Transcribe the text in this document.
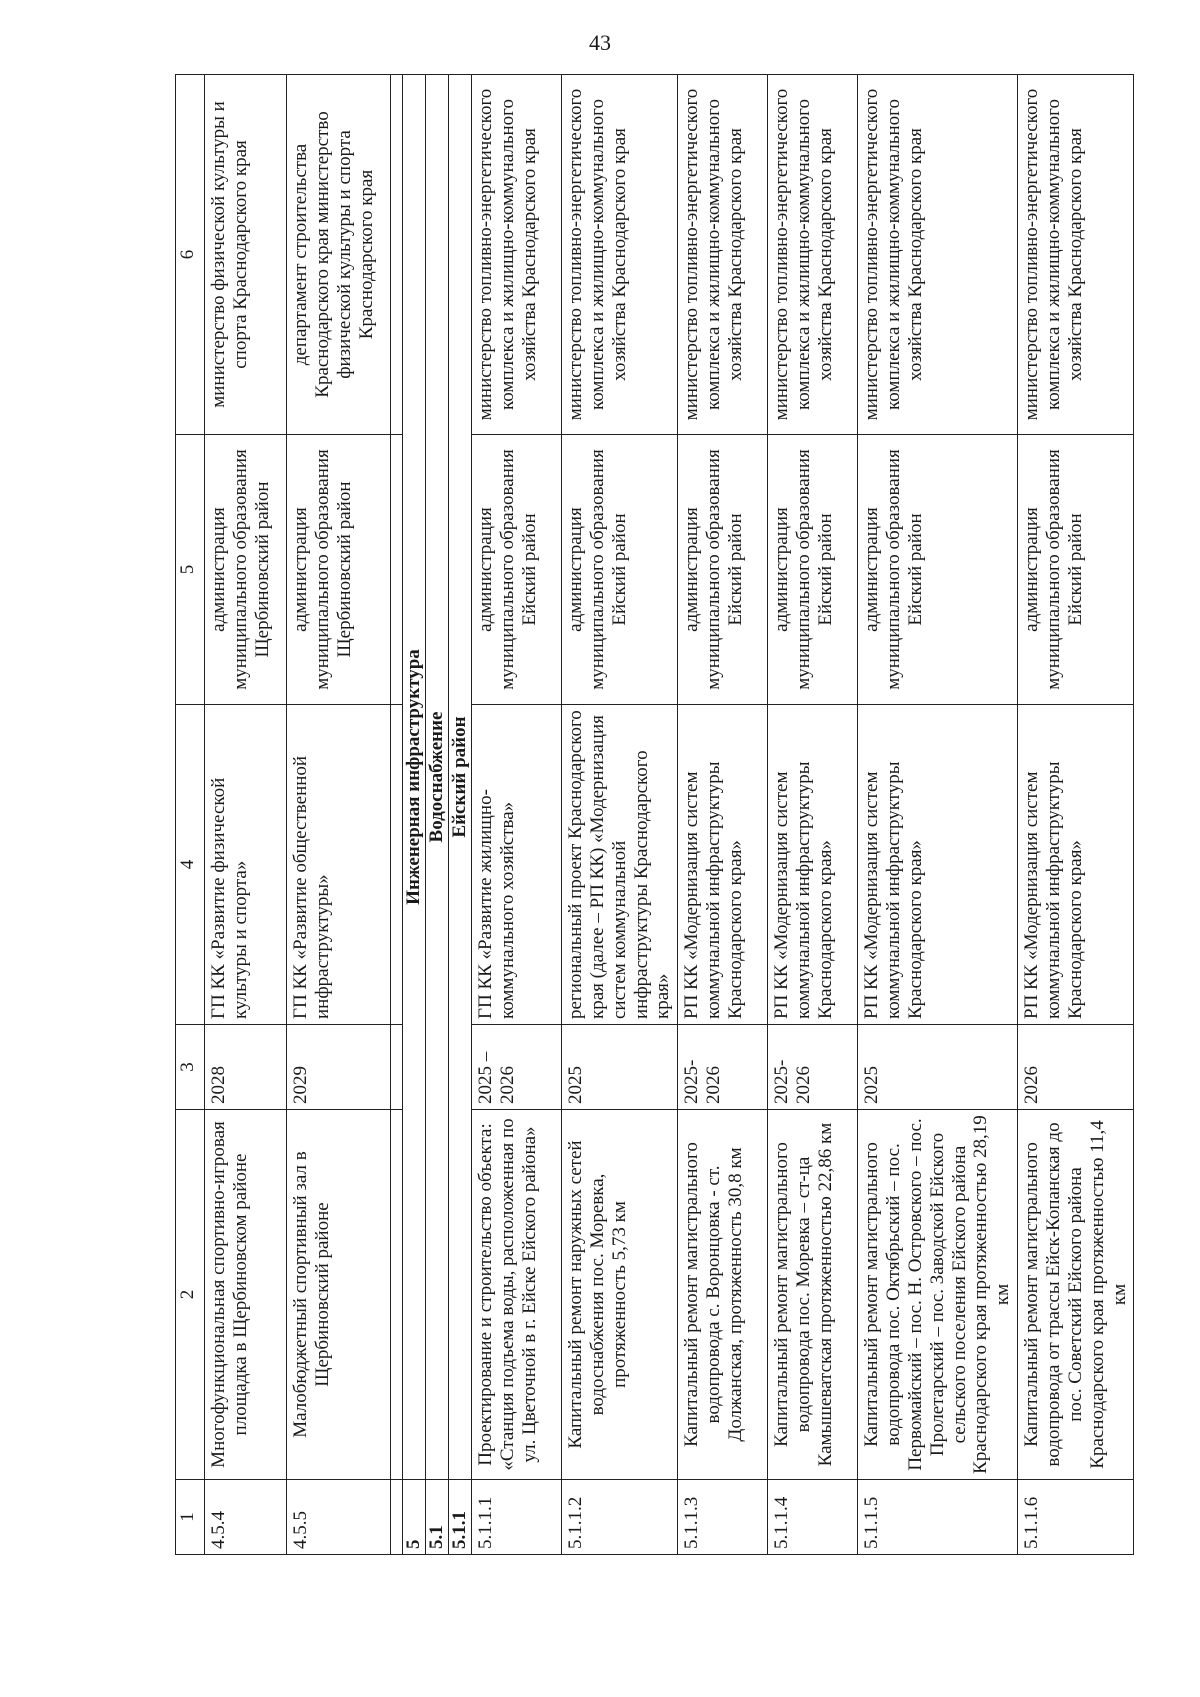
43
1	2	3	4	5	6
4.5.4	Многофункциональная спортивно-игровая площадка в Щербиновском районе	2028	ГП КК «Развитие физической культуры и спорта»	администрация муниципального образования Щербиновский район	министерство физической культуры и спорта Краснодарского края
4.5.5	Малобюджетный спортивный зал в Щербиновский районе	2029	ГП КК «Развитие общественной инфраструктуры»	администрация муниципального образования Щербиновский район	департамент строительства Краснодарского края министерство физической культуры и спорта Краснодарского края

5	Инженерная инфраструктура				
5.1	Водоснабжение				
5.1.1	Ейский район				
5.1.1.1	Проектирование и строительство объекта: «Станция подъема воды, расположенная по ул. Цветочной в г. Ейске Ейского района»	2025 – 2026	ГП КК «Развитие жилищно-коммунального хозяйства»	администрация муниципального образования Ейский район	министерство топливно-энергетического комплекса и жилищно-коммунального хозяйства Краснодарского края
5.1.1.2	Капитальный ремонт наружных сетей водоснабжения пос. Моревка, протяженность 5,73 км	2025	региональный проект Краснодарского края (далее – РП КК) «Модернизация систем коммунальной инфраструктуры Краснодарского края»	администрация муниципального образования Ейский район	министерство топливно-энергетического комплекса и жилищно-коммунального хозяйства Краснодарского края
5.1.1.3	Капитальный ремонт магистрального водопровода с. Воронцовка - ст. Должанская, протяженность 30,8 км	2025-2026	РП КК «Модернизация систем коммунальной инфраструктуры Краснодарского края»	администрация муниципального образования Ейский район	министерство топливно-энергетического комплекса и жилищно-коммунального хозяйства Краснодарского края
5.1.1.4	Капитальный ремонт магистрального водопровода пос. Моревка – ст-ца Камышеватская протяженностью 22,86 км	2025-2026	РП КК «Модернизация систем коммунальной инфраструктуры Краснодарского края»	администрация муниципального образования Ейский район	министерство топливно-энергетического комплекса и жилищно-коммунального хозяйства Краснодарского края
5.1.1.5	Капитальный ремонт магистрального водопровода пос. Октябрьский – пос. Первомайский – пос. Н. Островского – пос. Пролетарский – пос. Заводской Ейского сельского поселения Ейского района Краснодарского края протяженностью 28,19 км	2025	РП КК «Модернизация систем коммунальной инфраструктуры Краснодарского края»	администрация муниципального образования Ейский район	министерство топливно-энергетического комплекса и жилищно-коммунального хозяйства Краснодарского края
5.1.1.6	Капитальный ремонт магистрального водопровода от трассы Ейск-Копанская до пос. Советский Ейского района Краснодарского края протяженностью 11,4 км	2026	РП КК «Модернизация систем коммунальной инфраструктуры Краснодарского края»	администрация муниципального образования Ейский район	министерство топливно-энергетического комплекса и жилищно-коммунального хозяйства Краснодарского края
